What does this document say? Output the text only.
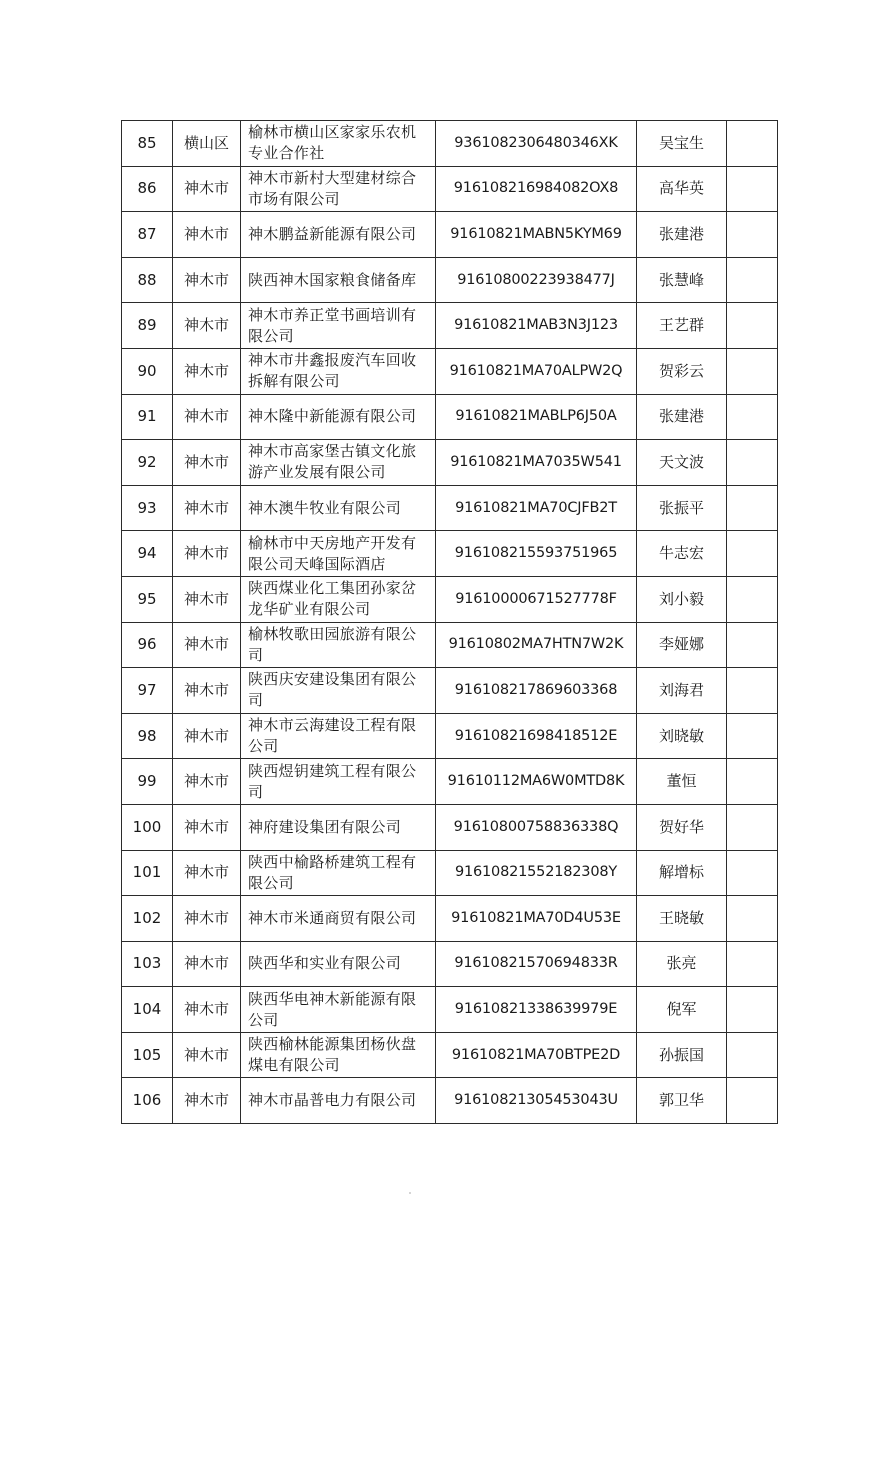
85	横山区	榆林市横山区家家乐农机专业合作社	9361082306480346XK	吴宝生	
86	神木市	神木市新村大型建材综合市场有限公司	916108216984082OX8	高华英	
87	神木市	神木鹏益新能源有限公司	91610821MABN5KYM69	张建港	
88	神木市	陕西神木国家粮食储备库	91610800223938477J	张慧峰	
89	神木市	神木市养正堂书画培训有限公司	91610821MAB3N3J123	王艺群	
90	神木市	神木市井鑫报废汽车回收拆解有限公司	91610821MA70ALPW2Q	贺彩云	
91	神木市	神木隆中新能源有限公司	91610821MABLP6J50A	张建港	
92	神木市	神木市高家堡古镇文化旅游产业发展有限公司	91610821MA7035W541	天文波	
93	神木市	神木澳牛牧业有限公司	91610821MA70CJFB2T	张振平	
94	神木市	榆林市中天房地产开发有限公司天峰国际酒店	916108215593751965	牛志宏	
95	神木市	陕西煤业化工集团孙家岔龙华矿业有限公司	91610000671527778F	刘小毅	
96	神木市	榆林牧歌田园旅游有限公司	91610802MA7HTN7W2K	李娅娜	
97	神木市	陕西庆安建设集团有限公司	916108217869603368	刘海君	
98	神木市	神木市云海建设工程有限公司	91610821698418512E	刘晓敏	
99	神木市	陕西煜钥建筑工程有限公司	91610112MA6W0MTD8K	董恒	
100	神木市	神府建设集团有限公司	91610800758836338Q	贺好华	
101	神木市	陕西中榆路桥建筑工程有限公司	91610821552182308Y	解增标	
102	神木市	神木市米通商贸有限公司	91610821MA70D4U53E	王晓敏	
103	神木市	陕西华和实业有限公司	91610821570694833R	张亮	
104	神木市	陕西华电神木新能源有限公司	91610821338639979E	倪军	
105	神木市	陕西榆林能源集团杨伙盘煤电有限公司	91610821MA70BTPE2D	孙振国	
106	神木市	神木市晶普电力有限公司	91610821305453043U	郭卫华	
